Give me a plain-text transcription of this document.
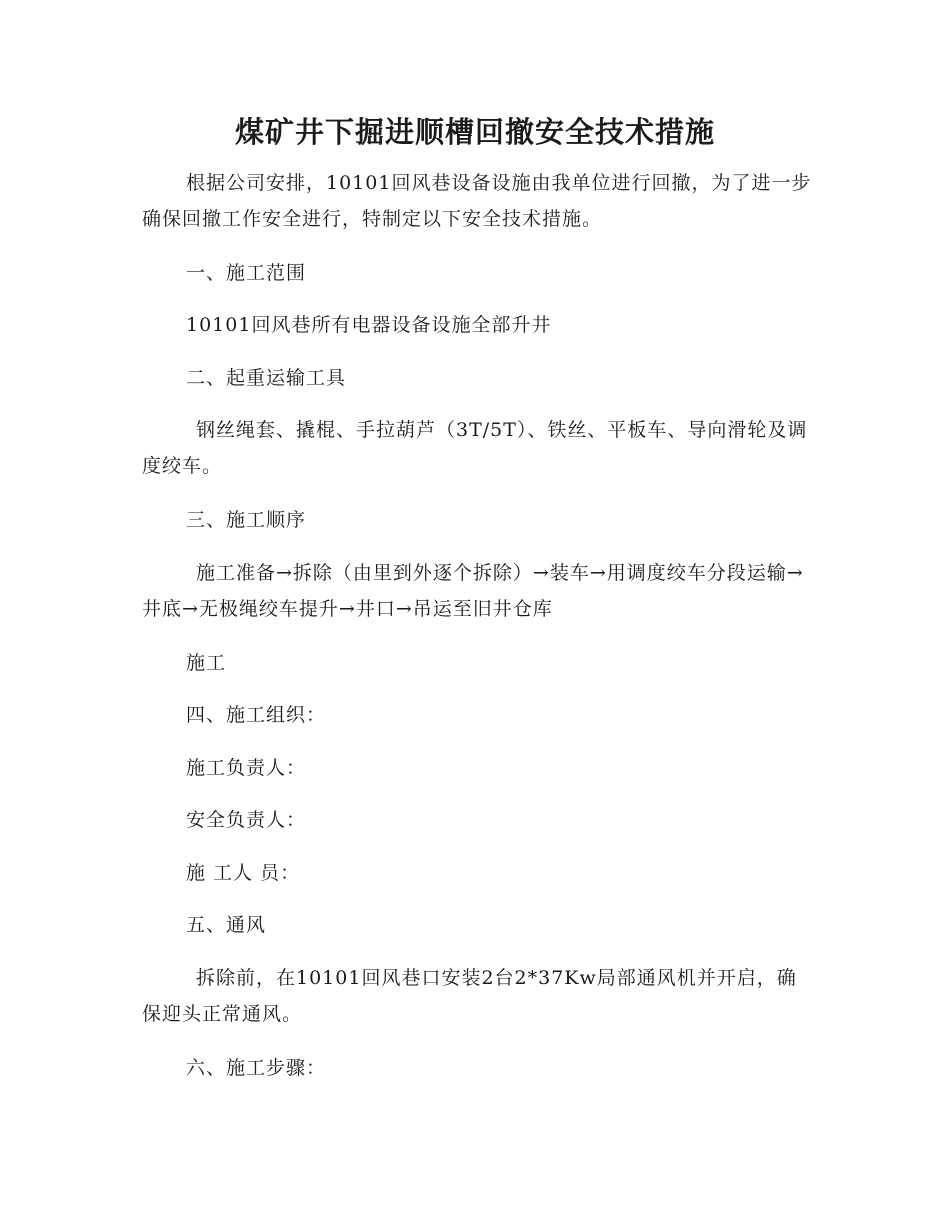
煤矿井下掘进顺槽回撤安全技术措施

根据公司安排，10101回风巷设备设施由我单位进行回撤，为了进一步确保回撤工作安全进行，特制定以下安全技术措施。

一、施工范围
10101回风巷所有电器设备设施全部升井
二、起重运输工具

钢丝绳套、撬棍、手拉葫芦（3T/5T）、铁丝、平板车、导向滑轮及调度绞车。

三、施工顺序

施工准备→拆除（由里到外逐个拆除）→装车→用调度绞车分段运输→井底→无极绳绞车提升→井口→吊运至旧井仓库

施工
四、施工组织：
施工负责人：
安全负责人：
施 工人 员：
五、通风

拆除前，在10101回风巷口安装2台2*37Kw局部通风机并开启，确保迎头正常通风。

六、施工步骤：
